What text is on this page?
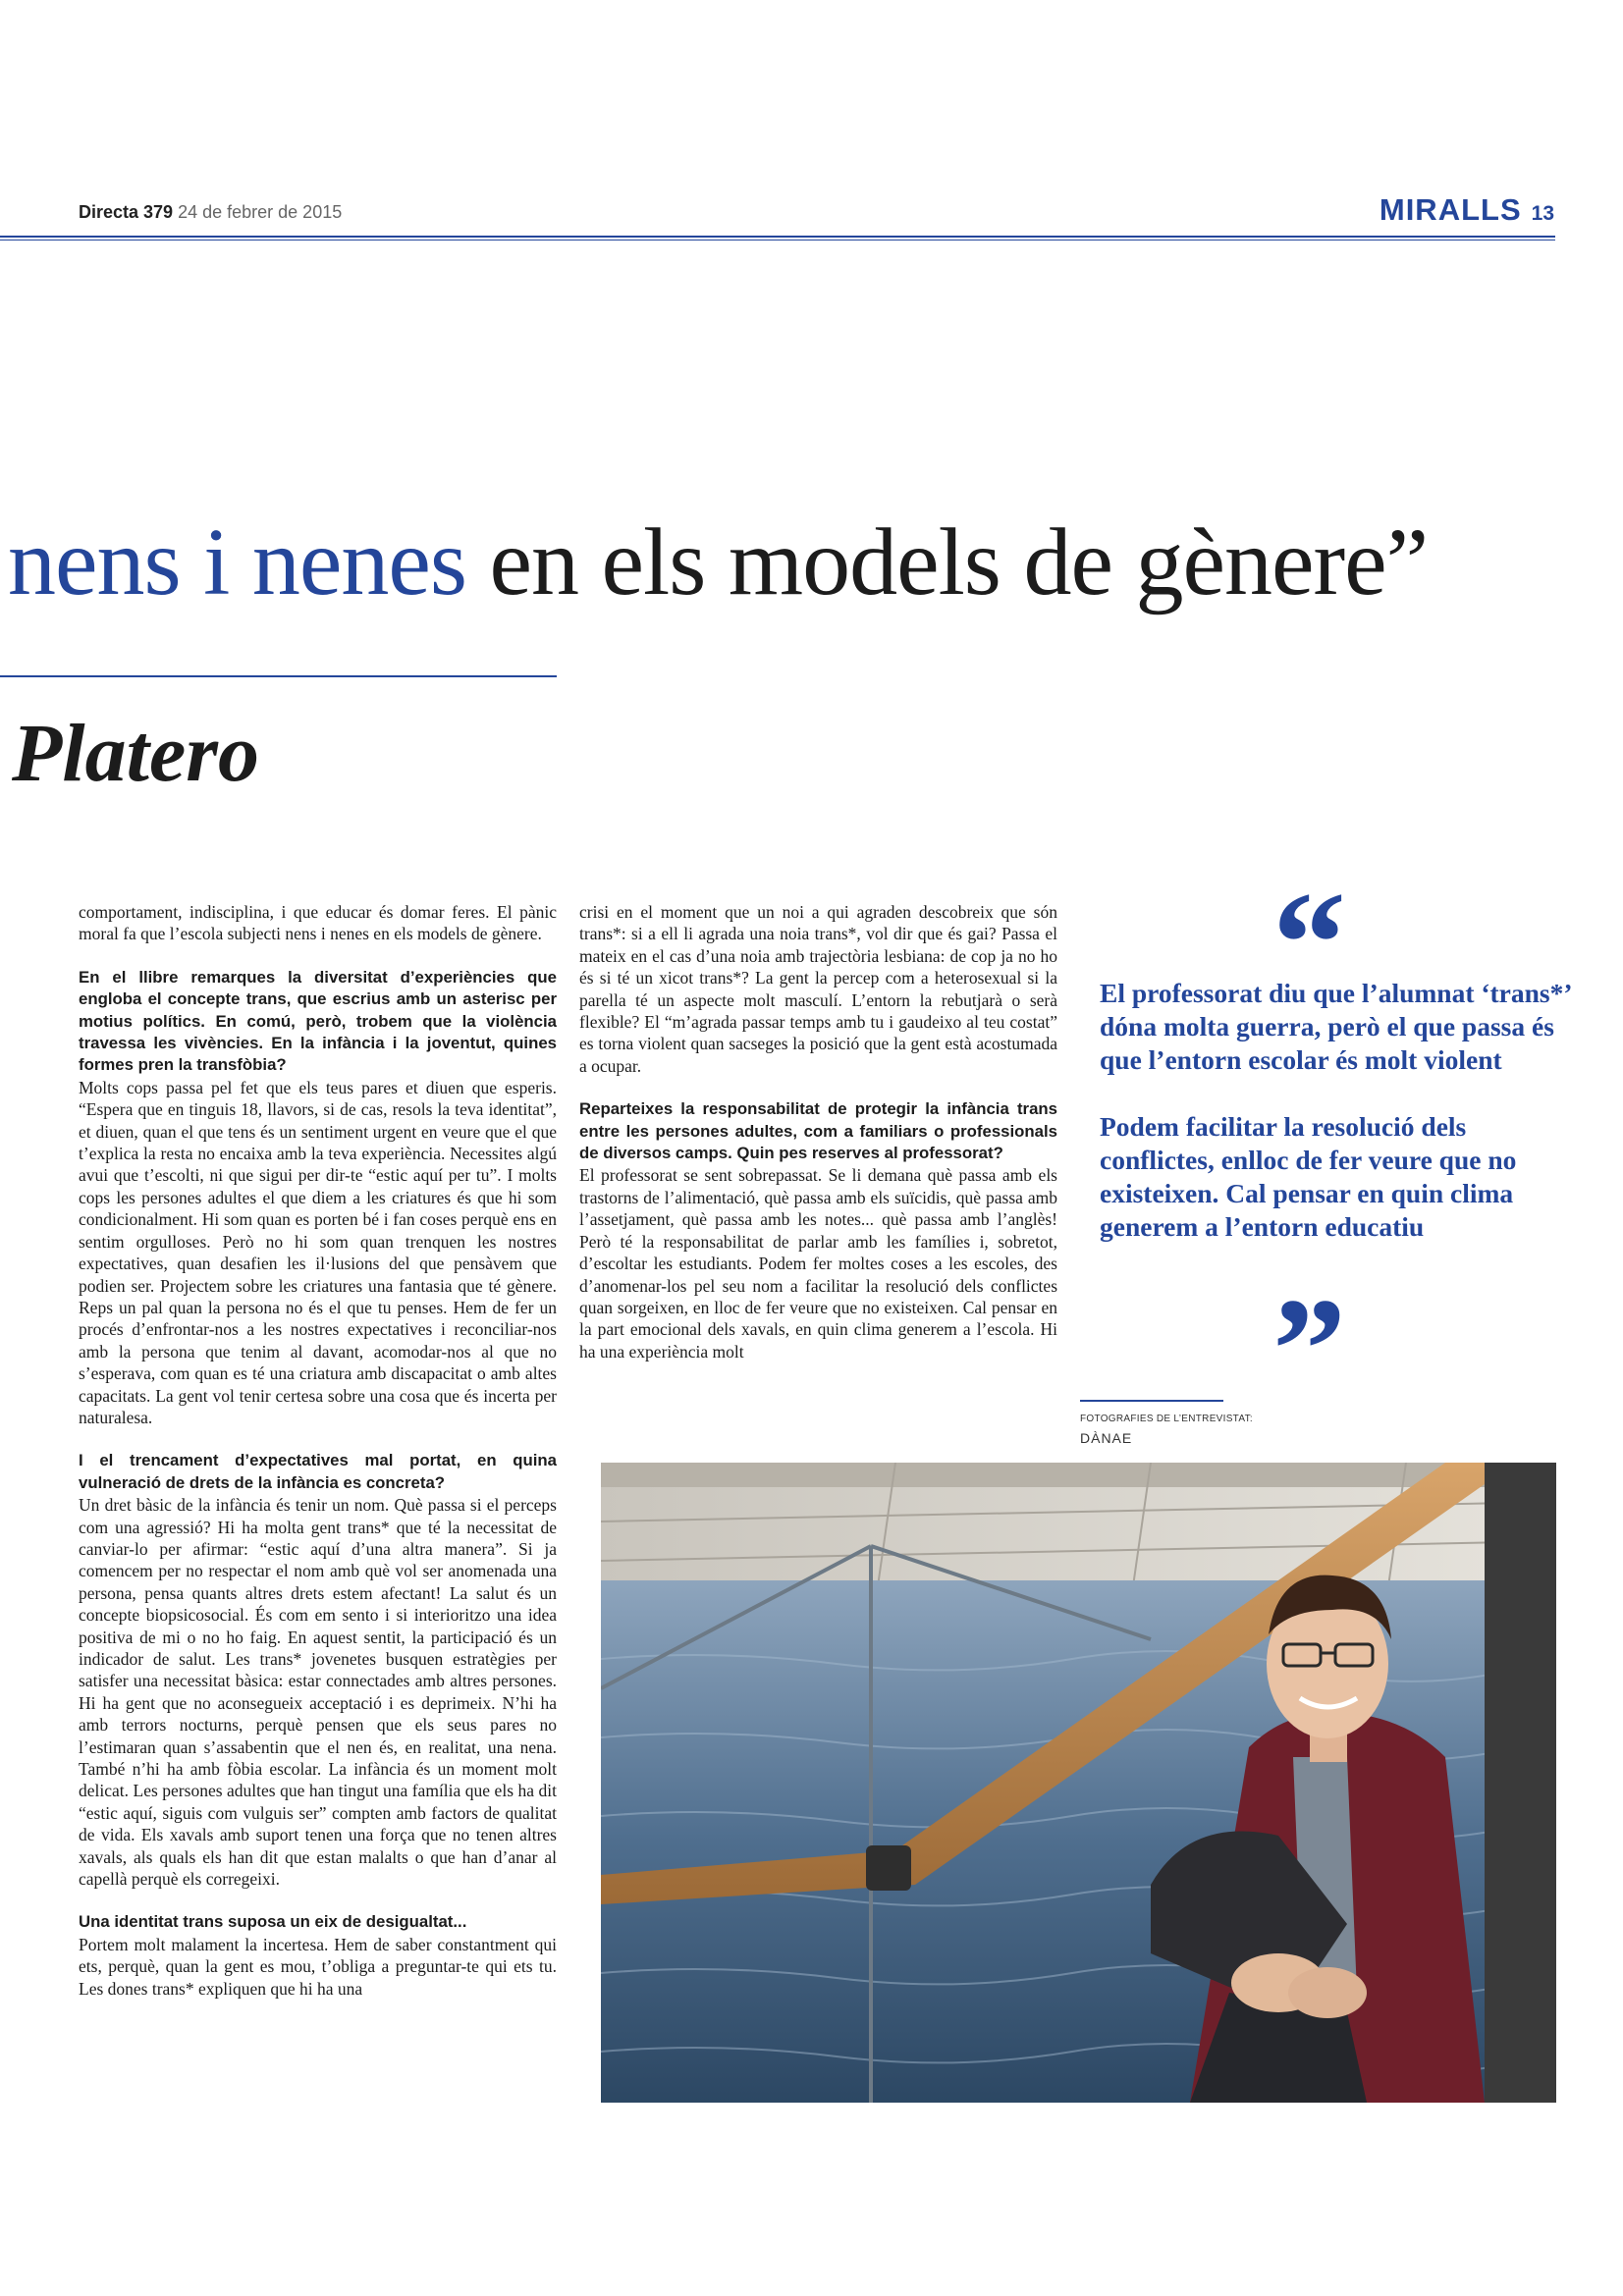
Directa 379 24 de febrer de 2015	MIRALLS 13
nens i nenes en els models de gènere”
Platero

comportament, indisciplina, i que educar és domar feres. El pànic moral fa que l’escola subjecti nens i nenes en els models de gènere.

En el llibre remarques la diversitat d’experiències que engloba el concepte trans, que escrius amb un asterisc per motius polítics. En comú, però, trobem que la violència travessa les vivències. En la infància i la joventut, quines formes pren la transfòbia?

Molts cops passa pel fet que els teus pares et diuen que esperis. “Espera que en tinguis 18, llavors, si de cas, resols la teva identitat”, et diuen, quan el que tens és un sentiment urgent en veure que el que t’explica la resta no encaixa amb la teva experiència. Necessites algú avui que t’escolti, ni que sigui per dir-te “estic aquí per tu”. I molts cops les persones adultes el que diem a les criatures és que hi som condicionalment. Hi som quan es porten bé i fan coses perquè ens en sentim orgulloses. Però no hi som quan trenquen les nostres expectatives, quan desafien les il·lusions del que pensàvem que podien ser. Projectem sobre les criatures una fantasia que té gènere. Reps un pal quan la persona no és el que tu penses. Hem de fer un procés d’enfrontar-nos a les nostres expectatives i reconciliar-nos amb la persona que tenim al davant, acomodar-nos al que no s’esperava, com quan es té una criatura amb discapacitat o amb altes capacitats. La gent vol tenir certesa sobre una cosa que és incerta per naturalesa.

I el trencament d’expectatives mal portat, en quina vulneració de drets de la infància es concreta?

Un dret bàsic de la infància és tenir un nom. Què passa si el perceps com una agressió? Hi ha molta gent trans* que té la necessitat de canviar-lo per afirmar: “estic aquí d’una altra manera”. Si ja comencem per no respectar el nom amb què vol ser anomenada una persona, pensa quants altres drets estem afectant! La salut és un concepte biopsicosocial. És com em sento i si interioritzo una idea positiva de mi o no ho faig. En aquest sentit, la participació és un indicador de salut. Les trans* jovenetes busquen estratègies per satisfer una necessitat bàsica: estar connectades amb altres persones. Hi ha gent que no aconsegueix acceptació i es deprimeix. N’hi ha amb terrors nocturns, perquè pensen que els seus pares no l’estimaran quan s’assabentin que el nen és, en realitat, una nena. També n’hi ha amb fòbia escolar. La infància és un moment molt delicat. Les persones adultes que han tingut una família que els ha dit “estic aquí, siguis com vulguis ser” compten amb factors de qualitat de vida. Els xavals amb suport tenen una força que no tenen altres xavals, als quals els han dit que estan malalts o que han d’anar al capellà perquè els corregeixi.

Una identitat trans suposa un eix de desigualtat...

Portem molt malament la incertesa. Hem de saber constantment qui ets, perquè, quan la gent es mou, t’obliga a preguntar-te qui ets tu. Les dones trans* expliquen que hi ha una

crisi en el moment que un noi a qui agraden descobreix que són trans*: si a ell li agrada una noia trans*, vol dir que és gai? Passa el mateix en el cas d’una noia amb trajectòria lesbiana: de cop ja no ho és si té un xicot trans*? La gent la percep com a heterosexual si la parella té un aspecte molt masculí. L’entorn la rebutjarà o serà flexible? El “m’agrada passar temps amb tu i gaudeixo al teu costat” es torna violent quan sacseges la posició que la gent està acostumada a ocupar.

Reparteixes la responsabilitat de protegir la infància trans entre les persones adultes, com a familiars o professionals de diversos camps. Quin pes reserves al professorat?

El professorat se sent sobrepassat. Se li demana què passa amb els trastorns de l’alimentació, què passa amb els suïcidis, què passa amb l’assetjament, què passa amb les notes... què passa amb l’anglès! Però té la responsabilitat de parlar amb les famílies i, sobretot, d’escoltar les estudiants. Podem fer moltes coses a les escoles, des d’anomenar-los pel seu nom a facilitar la resolució dels conflictes quan sorgeixen, en lloc de fer veure que no existeixen. Cal pensar en la part emocional dels xavals, en quin clima generem a l’escola. Hi ha una experiència molt

“

El professorat diu que l’alumnat ‘trans*’ dóna molta guerra, però el que passa és que l’entorn escolar és molt violent

Podem facilitar la resolució dels conflictes, enlloc de fer veure que no existeixen. Cal pensar en quin clima generem a l’entorn educatiu

”
FOTOGRAFIES DE L’ENTREVISTAT:
DÀNAE
